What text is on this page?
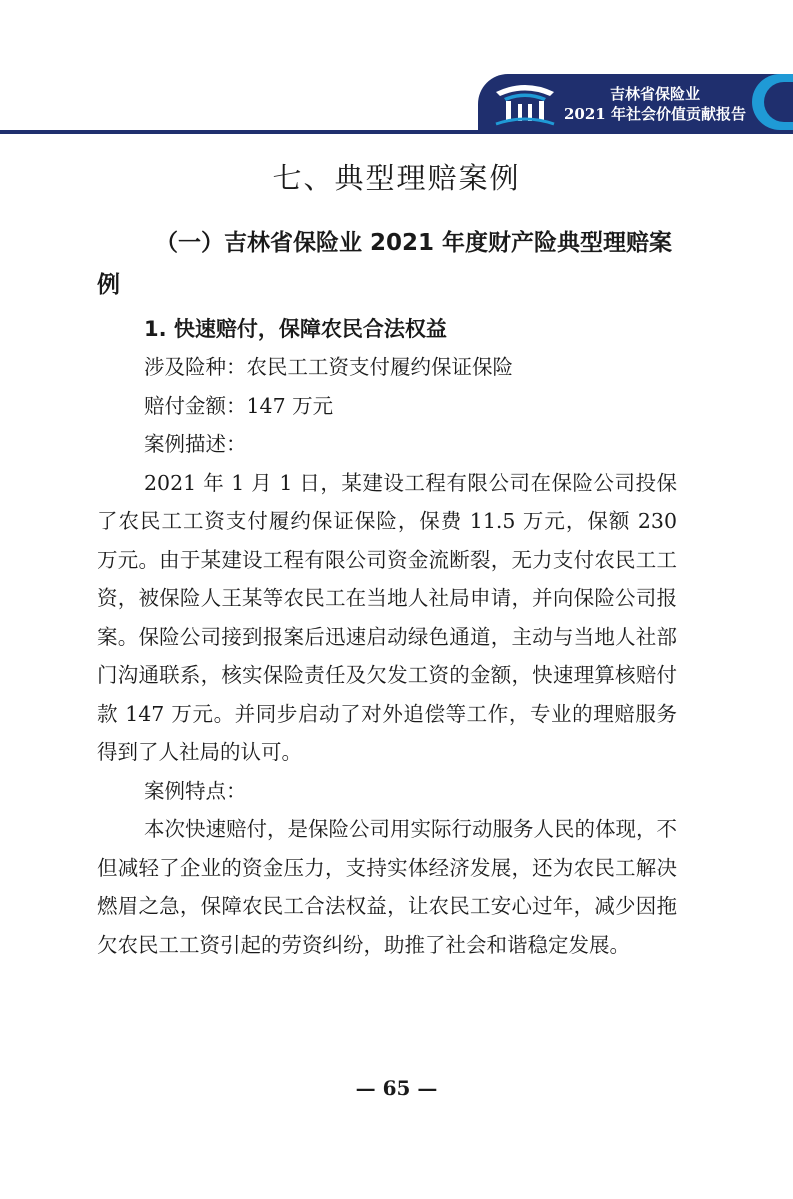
吉林省保险业
2021 年社会价值贡献报告
七、典型理赔案例

（一）吉林省保险业 2021 年度财产险典型理赔案例

1. 快速赔付，保障农民合法权益

涉及险种：农民工工资支付履约保证保险

赔付金额：147 万元

案例描述：

2021 年 1 月 1 日，某建设工程有限公司在保险公司投保了农民工工资支付履约保证保险，保费 11.5 万元，保额 230 万元。由于某建设工程有限公司资金流断裂，无力支付农民工工资，被保险人王某等农民工在当地人社局申请，并向保险公司报案。保险公司接到报案后迅速启动绿色通道，主动与当地人社部门沟通联系，核实保险责任及欠发工资的金额，快速理算核赔付款 147 万元。并同步启动了对外追偿等工作，专业的理赔服务得到了人社局的认可。

案例特点：

本次快速赔付，是保险公司用实际行动服务人民的体现，不但减轻了企业的资金压力，支持实体经济发展，还为农民工解决燃眉之急，保障农民工合法权益，让农民工安心过年，减少因拖欠农民工工资引起的劳资纠纷，助推了社会和谐稳定发展。

— 65 —
